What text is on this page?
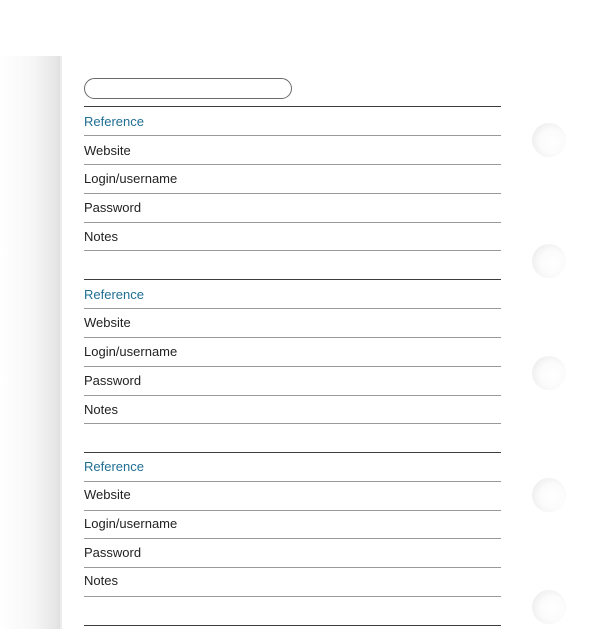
Reference
Website
Login/username
Password
Notes
Reference
Website
Login/username
Password
Notes
Reference
Website
Login/username
Password
Notes
